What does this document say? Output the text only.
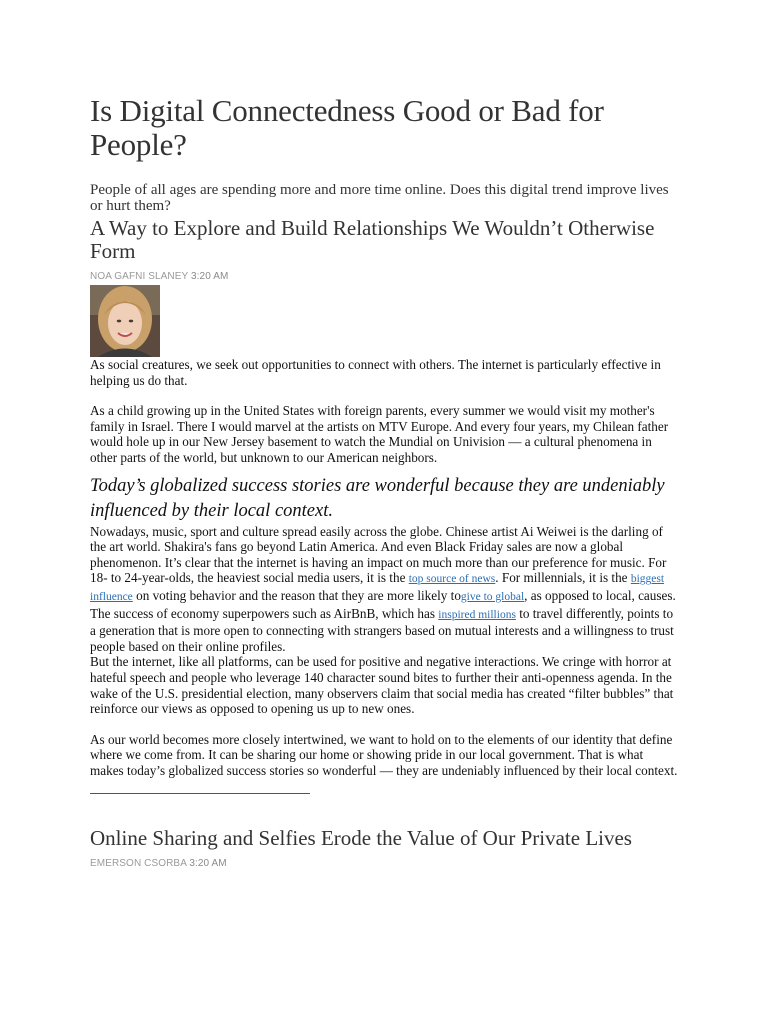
Is Digital Connectedness Good or Bad for People?

People of all ages are spending more and more time online. Does this digital trend improve lives or hurt them?

A Way to Explore and Build Relationships We Wouldn’t Otherwise Form
NOA GAFNI SLANEY 3:20 AM

As social creatures, we seek out opportunities to connect with others. The internet is particularly effective in helping us do that.

As a child growing up in the United States with foreign parents, every summer we would visit my mother's family in Israel. There I would marvel at the artists on MTV Europe. And every four years, my Chilean father would hole up in our New Jersey basement to watch the Mundial on Univision — a cultural phenomena in other parts of the world, but unknown to our American neighbors.

Today’s globalized success stories are wonderful because they are undeniably influenced by their local context.

Nowadays, music, sport and culture spread easily across the globe. Chinese artist Ai Weiwei is the darling of the art world. Shakira's fans go beyond Latin America. And even Black Friday sales are now a global phenomenon. It’s clear that the internet is having an impact on much more than our preference for music. For 18- to 24-year-olds, the heaviest social media users, it is the top source of news. For millennials, it is the biggest influence on voting behavior and the reason that they are more likely togive to global, as opposed to local, causes. The success of economy superpowers such as AirBnB, which has inspired millions to travel differently, points to a generation that is more open to connecting with strangers based on mutual interests and a willingness to trust people based on their online profiles.

But the internet, like all platforms, can be used for positive and negative interactions. We cringe with horror at hateful speech and people who leverage 140 character sound bites to further their anti-openness agenda. In the wake of the U.S. presidential election, many observers claim that social media has created “filter bubbles” that reinforce our views as opposed to opening us up to new ones.

As our world becomes more closely intertwined, we want to hold on to the elements of our identity that define where we come from. It can be sharing our home or showing pride in our local government. That is what makes today’s globalized success stories so wonderful — they are undeniably influenced by their local context.

Online Sharing and Selfies Erode the Value of Our Private Lives
EMERSON CSORBA 3:20 AM
